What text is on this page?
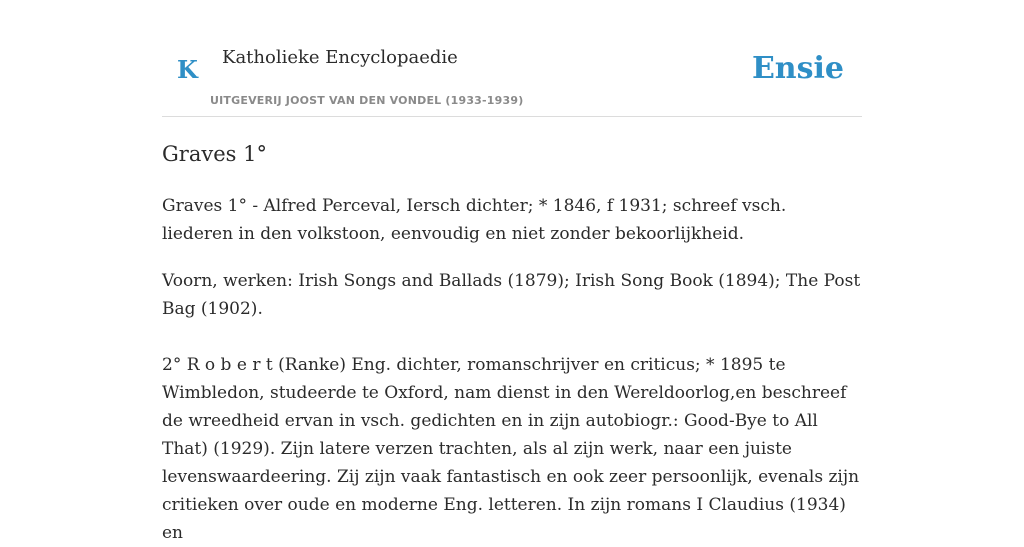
K Katholieke Encyclopaedie
UITGEVERIJ JOOST VAN DEN VONDEL (1933-1939)
Ensie
Graves 1°

Graves 1° - Alfred Perceval, Iersch dichter; * 1846, f 1931; schreef vsch. liederen in den volkstoon, eenvoudig en niet zonder bekoorlijkheid.

Voorn, werken: Irish Songs and Ballads (1879); Irish Song Book (1894); The Post Bag (1902).

2° R o b e r t (Ranke) Eng. dichter, romanschrijver en criticus; * 1895 te Wimbledon, studeerde te Oxford, nam dienst in den Wereldoorlog,en beschreef de wreedheid ervan in vsch. gedichten en in zijn autobiogr.: Good-Bye to All That) (1929). Zijn latere verzen trachten, als al zijn werk, naar een juiste levenswaardeering. Zij zijn vaak fantastisch en ook zeer persoonlijk, evenals zijn critieken over oude en moderne Eng. letteren. In zijn romans I Claudius (1934) en
